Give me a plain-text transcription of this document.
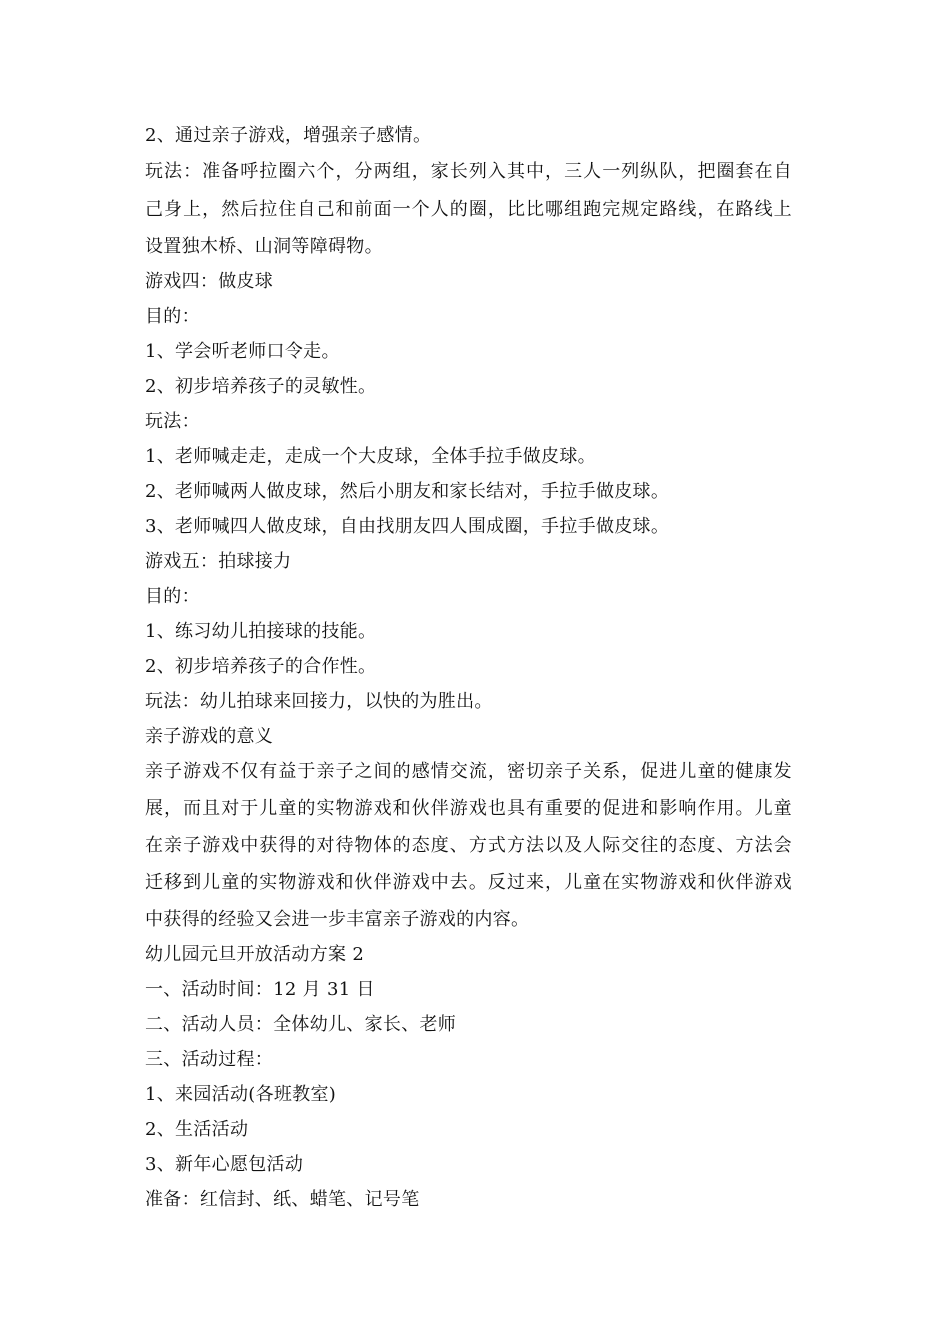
2、通过亲子游戏，增强亲子感情。
玩法：准备呼拉圈六个，分两组，家长列入其中，三人一列纵队，把圈套在自
己身上，然后拉住自己和前面一个人的圈，比比哪组跑完规定路线，在路线上
设置独木桥、山洞等障碍物。
游戏四：做皮球
目的：
1、学会听老师口令走。
2、初步培养孩子的灵敏性。
玩法：
1、老师喊走走，走成一个大皮球，全体手拉手做皮球。
2、老师喊两人做皮球，然后小朋友和家长结对，手拉手做皮球。
3、老师喊四人做皮球，自由找朋友四人围成圈，手拉手做皮球。
游戏五：拍球接力
目的：
1、练习幼儿拍接球的技能。
2、初步培养孩子的合作性。
玩法：幼儿拍球来回接力，以快的为胜出。
亲子游戏的意义
亲子游戏不仅有益于亲子之间的感情交流，密切亲子关系，促进儿童的健康发
展，而且对于儿童的实物游戏和伙伴游戏也具有重要的促进和影响作用。儿童
在亲子游戏中获得的对待物体的态度、方式方法以及人际交往的态度、方法会
迁移到儿童的实物游戏和伙伴游戏中去。反过来，儿童在实物游戏和伙伴游戏
中获得的经验又会进一步丰富亲子游戏的内容。
幼儿园元旦开放活动方案 2
一、活动时间：12 月 31 日
二、活动人员：全体幼儿、家长、老师
三、活动过程：
1、来园活动(各班教室)
2、生活活动
3、新年心愿包活动
准备：红信封、纸、蜡笔、记号笔
